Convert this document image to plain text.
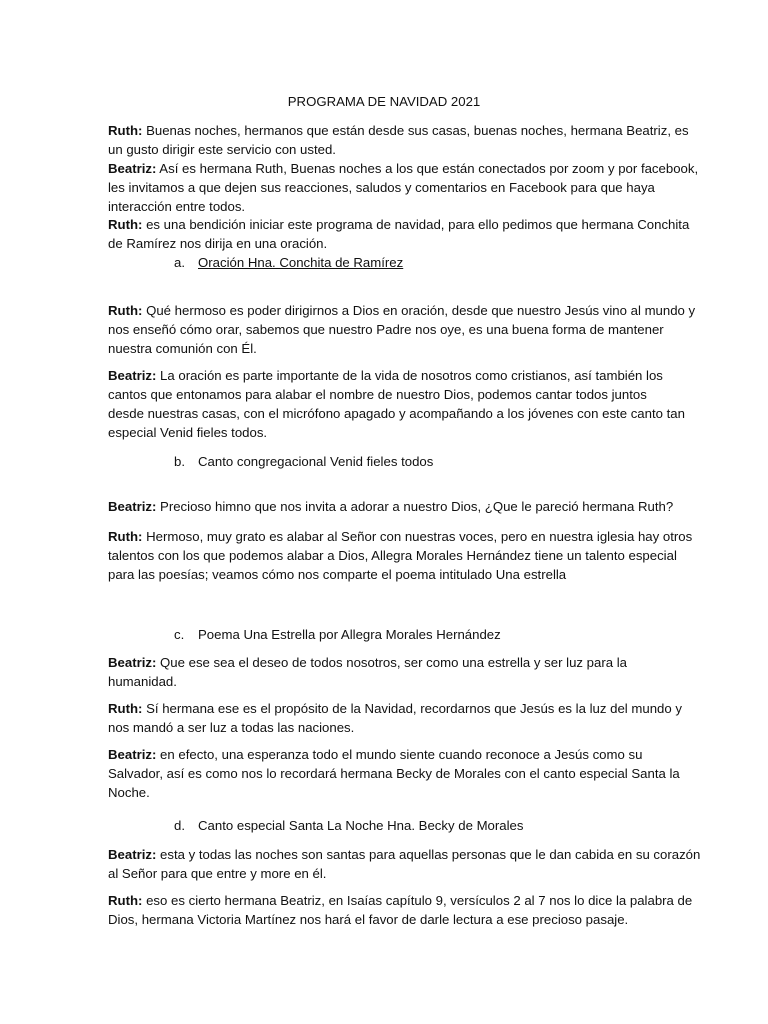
PROGRAMA DE NAVIDAD 2021

Ruth: Buenas noches, hermanos que están desde sus casas, buenas noches, hermana Beatriz, es
un gusto dirigir este servicio con usted.

Beatriz: Así es hermana Ruth, Buenas noches a los que están conectados por zoom y por facebook,
les invitamos a que dejen sus reacciones, saludos y comentarios en Facebook para que haya
interacción entre todos.

Ruth: es una bendición iniciar este programa de navidad, para ello pedimos que hermana Conchita
de Ramírez nos dirija en una oración.

a. Oración Hna. Conchita de Ramírez

Ruth: Qué hermoso es poder dirigirnos a Dios en oración, desde que nuestro Jesús vino al mundo y
nos enseñó cómo orar, sabemos que nuestro Padre nos oye, es una buena forma de mantener
nuestra comunión con Él.

Beatriz: La oración es parte importante de la vida de nosotros como cristianos, así también los
cantos que entonamos para alabar el nombre de nuestro Dios, podemos cantar todos juntos
desde nuestras casas, con el micrófono apagado y acompañando a los jóvenes con este canto tan
especial Venid fieles todos.

b. Canto congregacional Venid fieles todos

Beatriz: Precioso himno que nos invita a adorar a nuestro Dios, ¿Que le pareció hermana Ruth?

Ruth: Hermoso, muy grato es alabar al Señor con nuestras voces, pero en nuestra iglesia hay otros
talentos con los que podemos alabar a Dios, Allegra Morales Hernández tiene un talento especial
para las poesías; veamos cómo nos comparte el poema intitulado Una estrella

c. Poema Una Estrella por Allegra Morales Hernández

Beatriz: Que ese sea el deseo de todos nosotros, ser como una estrella y ser luz para la
humanidad.

Ruth: Sí hermana ese es el propósito de la Navidad, recordarnos que Jesús es la luz del mundo y
nos mandó a ser luz a todas las naciones.

Beatriz: en efecto, una esperanza todo el mundo siente cuando reconoce a Jesús como su
Salvador, así es como nos lo recordará hermana Becky de Morales con el canto especial Santa la
Noche.

d. Canto especial Santa La Noche Hna. Becky de Morales

Beatriz: esta y todas las noches son santas para aquellas personas que le dan cabida en su corazón
al Señor para que entre y more en él.

Ruth: eso es cierto hermana Beatriz, en Isaías capítulo 9, versículos 2 al 7 nos lo dice la palabra de
Dios, hermana Victoria Martínez nos hará el favor de darle lectura a ese precioso pasaje.
